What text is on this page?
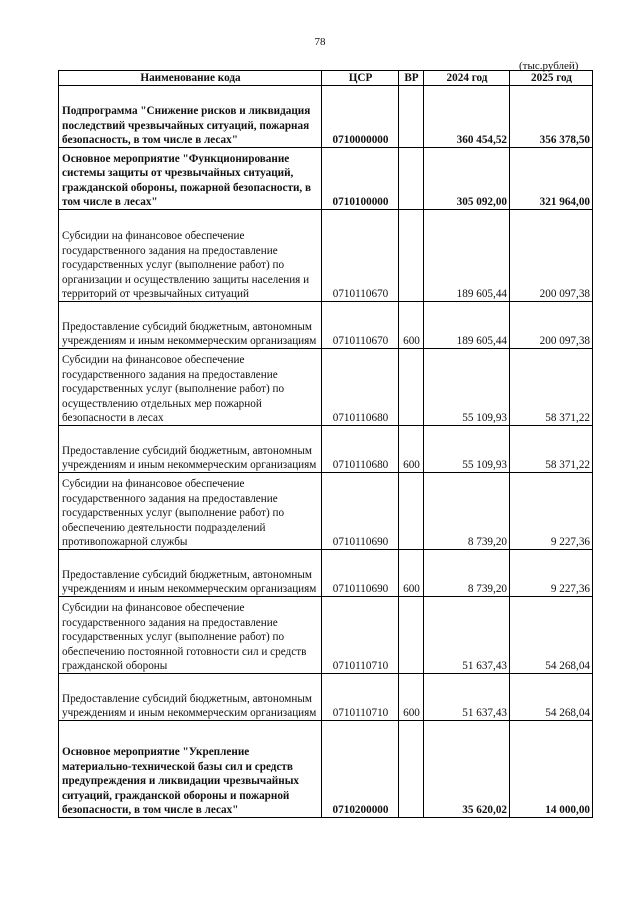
78
(тыс.рублей)
Наименование кода	ЦСР	ВР	2024 год	2025 год
Подпрограмма "Снижение рисков и ликвидация последствий чрезвычайных ситуаций, пожарная безопасность, в том числе в лесах"	0710000000		360 454,52	356 378,50
Основное мероприятие "Функционирование системы защиты от чрезвычайных ситуаций, гражданской обороны, пожарной безопасности, в том числе в лесах"	0710100000		305 092,00	321 964,00
Субсидии на финансовое обеспечение государственного задания на предоставление государственных услуг (выполнение работ) по организации и осуществлению защиты населения и территорий от чрезвычайных ситуаций	0710110670		189 605,44	200 097,38
Предоставление субсидий бюджетным, автономным учреждениям и иным некоммерческим организациям	0710110670	600	189 605,44	200 097,38
Субсидии на финансовое обеспечение государственного задания на предоставление государственных услуг (выполнение работ) по осуществлению отдельных мер пожарной безопасности в лесах	0710110680		55 109,93	58 371,22
Предоставление субсидий бюджетным, автономным учреждениям и иным некоммерческим организациям	0710110680	600	55 109,93	58 371,22
Субсидии на финансовое обеспечение государственного задания на предоставление государственных услуг (выполнение работ) по обеспечению деятельности подразделений противопожарной службы	0710110690		8 739,20	9 227,36
Предоставление субсидий бюджетным, автономным учреждениям и иным некоммерческим организациям	0710110690	600	8 739,20	9 227,36
Субсидии на финансовое обеспечение государственного задания на предоставление государственных услуг (выполнение работ) по обеспечению постоянной готовности сил и средств гражданской обороны	0710110710		51 637,43	54 268,04
Предоставление субсидий бюджетным, автономным учреждениям и иным некоммерческим организациям	0710110710	600	51 637,43	54 268,04
Основное мероприятие "Укрепление материально-технической базы сил и средств предупреждения и ликвидации чрезвычайных ситуаций, гражданской обороны и пожарной безопасности, в том числе в лесах"	0710200000		35 620,02	14 000,00
